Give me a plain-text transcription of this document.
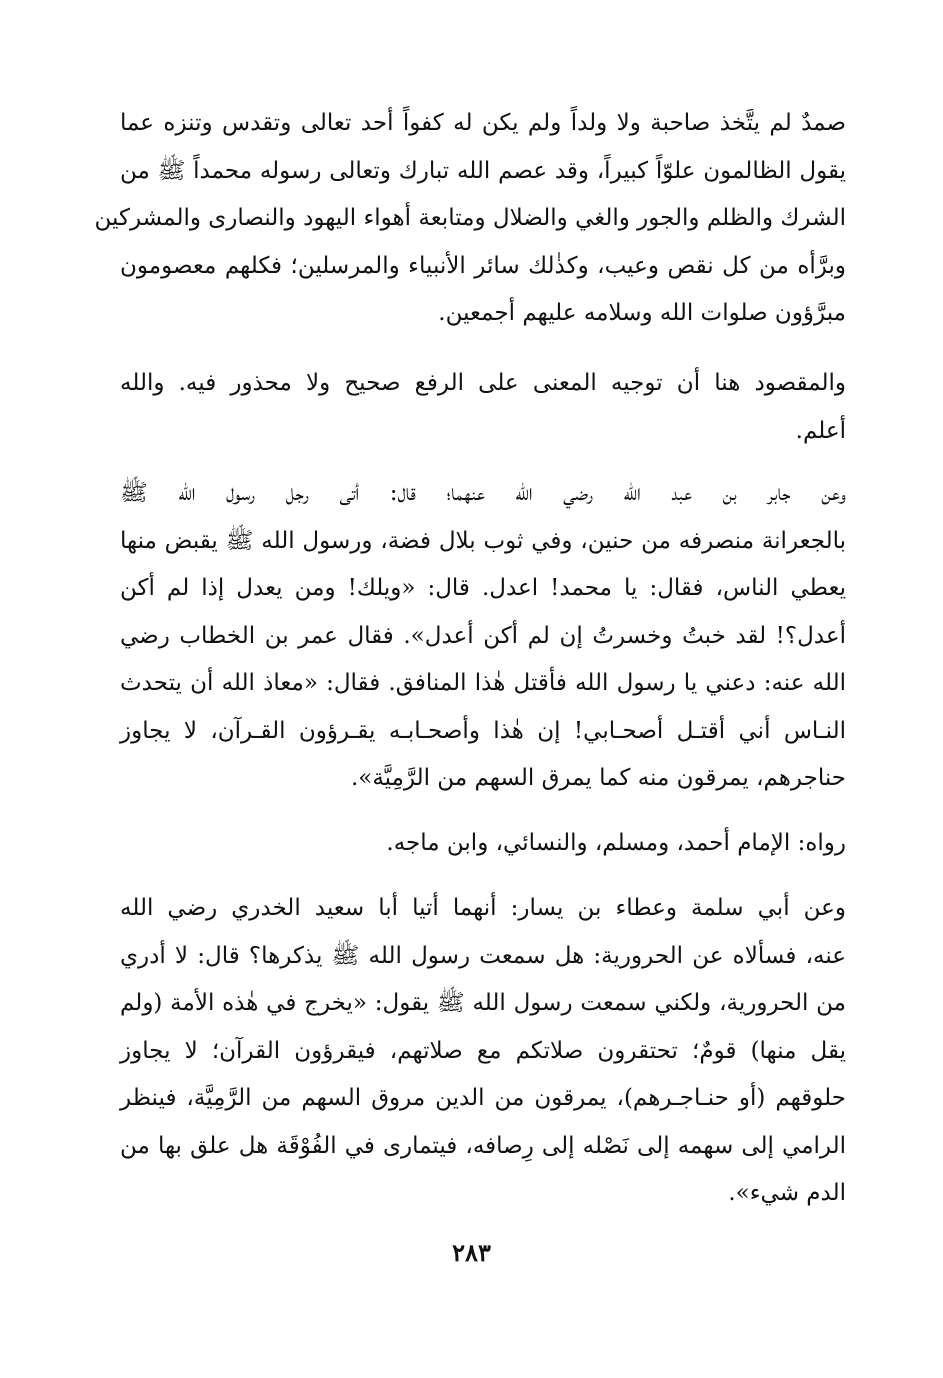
صمدٌ لم يتَّخذ صاحبة ولا ولداً ولم يكن له كفواً أحد تعالى وتقدس وتنزه عما
يقول الظالمون علوّاً كبيراً، وقد عصم الله تبارك وتعالى رسوله محمداً ﷺ من
الشرك والظلم والجور والغي والضلال ومتابعة أهواء اليهود والنصارى والمشركين
وبرَّأه من كل نقص وعيب، وكذٰلك سائر الأنبياء والمرسلين؛ فكلهم معصومون
مبرَّؤون صلوات الله وسلامه عليهم أجمعين.
والمقصود هنا أن توجيه المعنى على الرفع صحيح ولا محذور فيه. والله
أعلم.
وعن جابر بن عبد الله رضي الله عنهما؛ قال: أتى رجل رسول الله ﷺ
بالجعرانة منصرفه من حنين، وفي ثوب بلال فضة، ورسول الله ﷺ يقبض منها
يعطي الناس، فقال: يا محمد! اعدل. قال: «ويلك! ومن يعدل إذا لم أكن
أعدل؟! لقد خبتُ وخسرتُ إن لم أكن أعدل». فقال عمر بن الخطاب رضي
الله عنه: دعني يا رسول الله فأقتل هٰذا المنافق. فقال: «معاذ الله أن يتحدث
النـاس أني أقتـل أصحـابي! إن هٰذا وأصحـابـه يقـرؤون القـرآن، لا يجاوز
حناجرهم، يمرقون منه كما يمرق السهم من الرَّمِيَّة».
رواه: الإمام أحمد، ومسلم، والنسائي، وابن ماجه.
وعن أبي سلمة وعطاء بن يسار: أنهما أتيا أبا سعيد الخدري رضي الله
عنه، فسألاه عن الحرورية: هل سمعت رسول الله ﷺ يذكرها؟ قال: لا أدري
من الحرورية، ولكني سمعت رسول الله ﷺ يقول: «يخرج في هٰذه الأمة (ولم
يقل منها) قومٌ؛ تحتقرون صلاتكم مع صلاتهم، فيقرؤون القرآن؛ لا يجاوز
حلوقهم (أو حنـاجـرهم)، يمرقون من الدين مروق السهم من الرَّمِيَّة، فينظر
الرامي إلى سهمه إلى نَصْله إلى رِصافه، فيتمارى في الفُوْقَة هل علق بها من
الدم شيء».
٢٨٣
